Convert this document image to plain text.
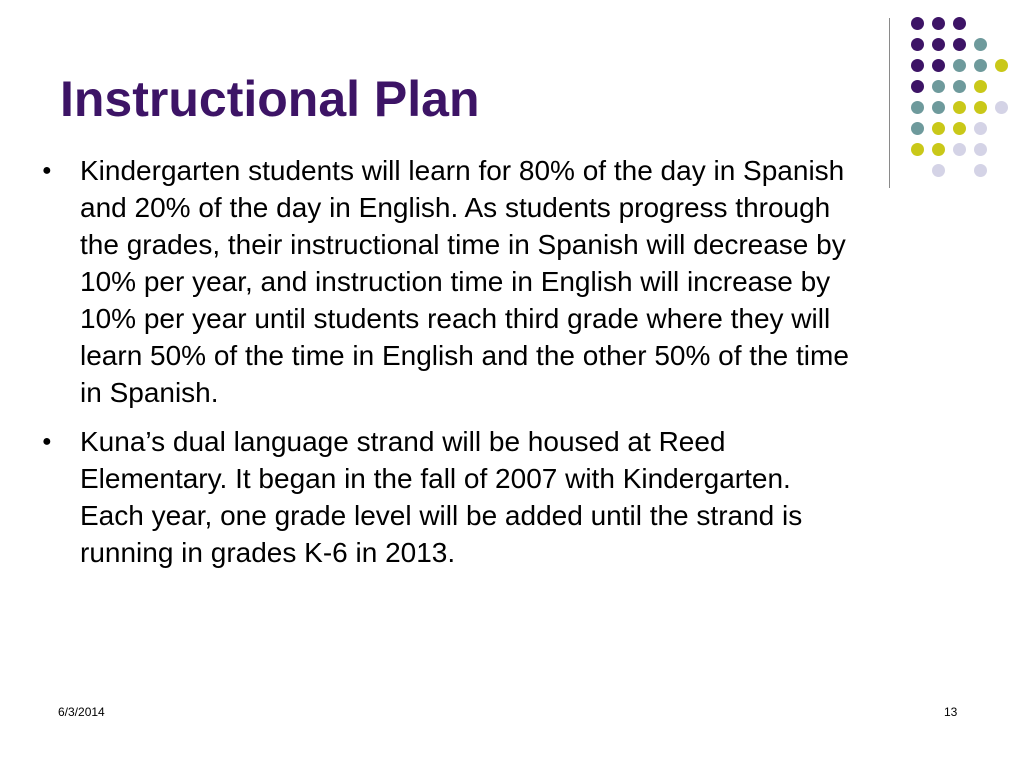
Instructional Plan
●	Kindergarten students will learn for 80% of the day in Spanish and 20% of the day in English. As students progress through the grades, their instructional time in Spanish will decrease by 10% per year, and instruction time in English will increase by 10% per year until students reach third grade where they will learn 50% of the time in English and the other 50% of the time in Spanish.
●	Kuna’s dual language strand will be housed at Reed Elementary. It began in the fall of 2007 with Kindergarten. Each year, one grade level will be added until the strand is running in grades K-6 in 2013.
6/3/2014	13
